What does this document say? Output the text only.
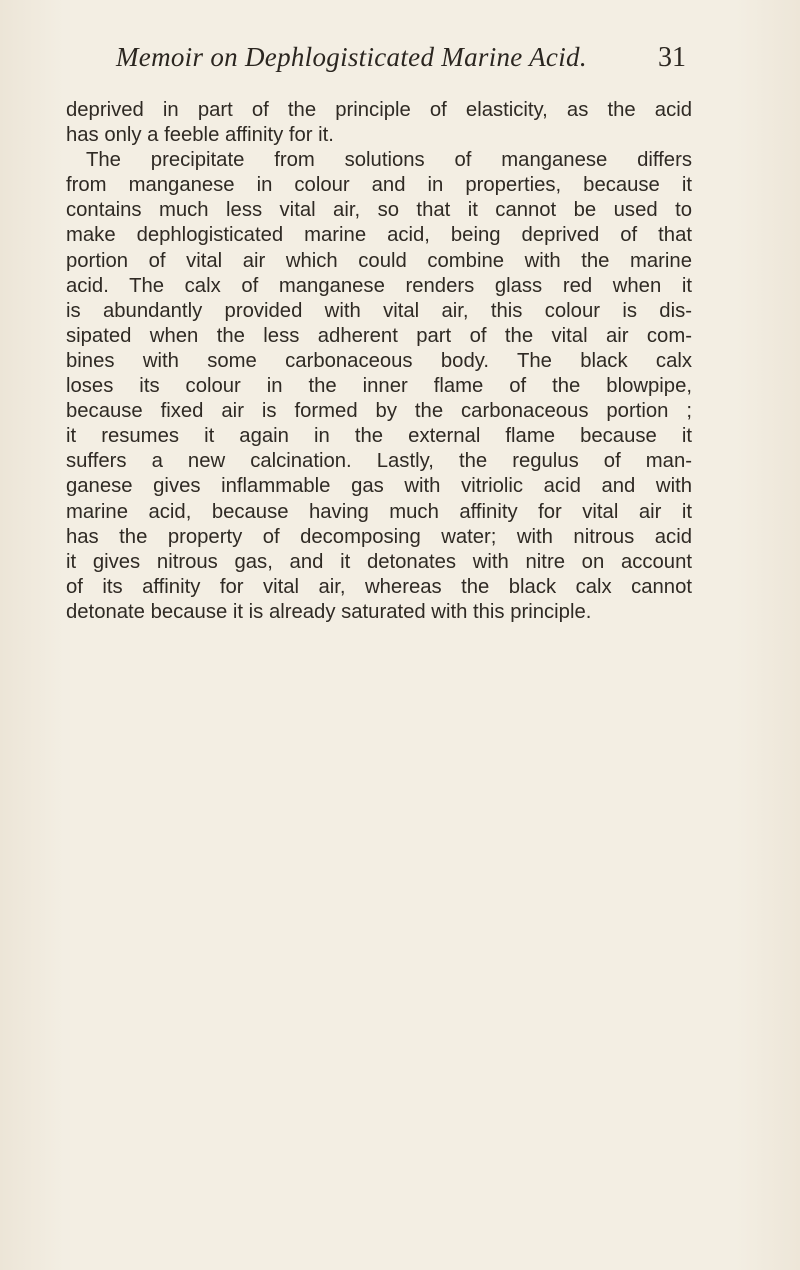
Memoir on Dephlogisticated Marine Acid.	31
deprived in part of the principle of elasticity, as the acid
has only a feeble affinity for it.
The precipitate from solutions of manganese differs
from manganese in colour and in properties, because it
contains much less vital air, so that it cannot be used to
make dephlogisticated marine acid, being deprived of that
portion of vital air which could combine with the marine
acid. The calx of manganese renders glass red when it
is abundantly provided with vital air, this colour is dis-
sipated when the less adherent part of the vital air com-
bines with some carbonaceous body. The black calx
loses its colour in the inner flame of the blowpipe,
because fixed air is formed by the carbonaceous portion ;
it resumes it again in the external flame because it
suffers a new calcination. Lastly, the regulus of man-
ganese gives inflammable gas with vitriolic acid and with
marine acid, because having much affinity for vital air it
has the property of decomposing water; with nitrous acid
it gives nitrous gas, and it detonates with nitre on account
of its affinity for vital air, whereas the black calx cannot
detonate because it is already saturated with this principle.
